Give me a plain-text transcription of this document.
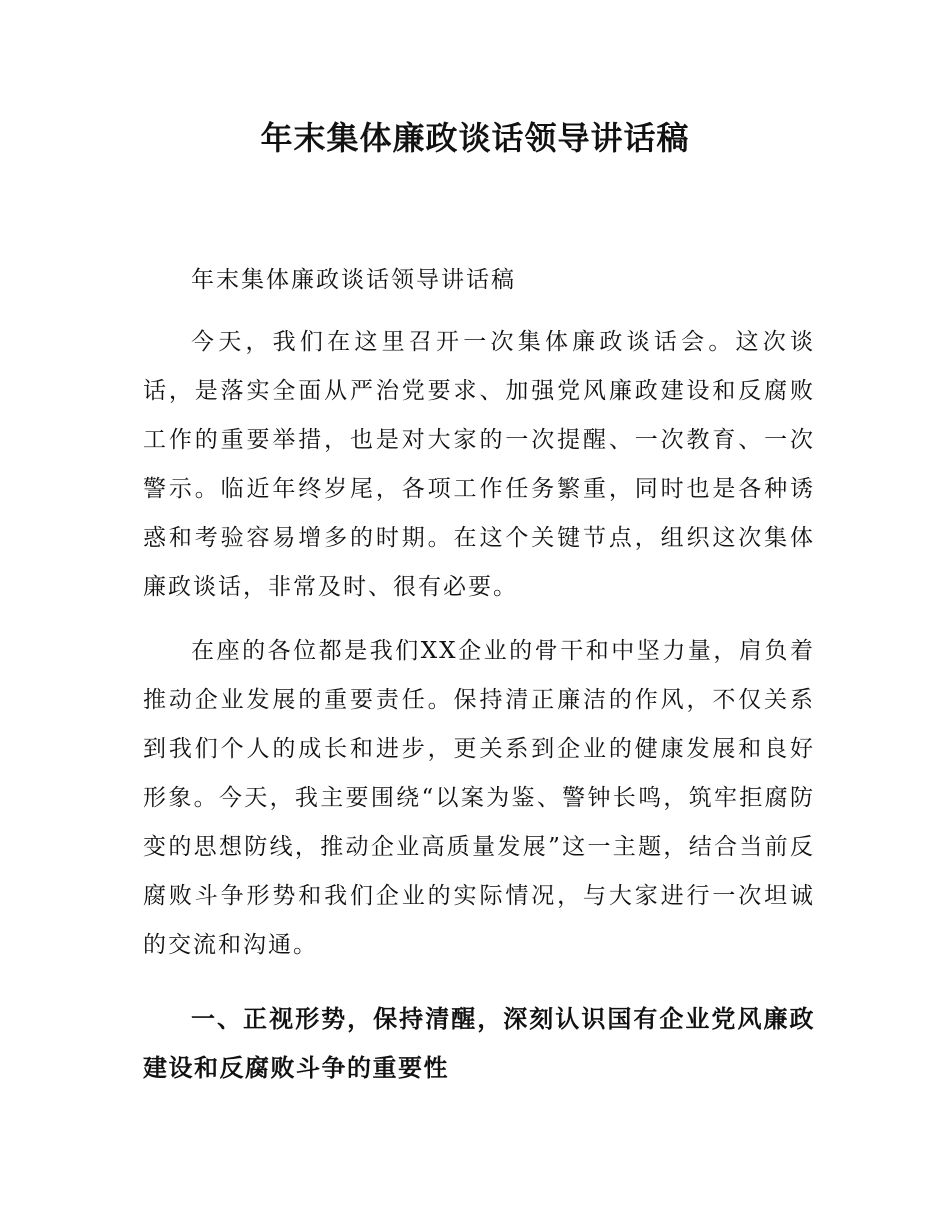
年末集体廉政谈话领导讲话稿

年末集体廉政谈话领导讲话稿

今天，我们在这里召开一次集体廉政谈话会。这次谈话，是落实全面从严治党要求、加强党风廉政建设和反腐败工作的重要举措，也是对大家的一次提醒、一次教育、一次警示。临近年终岁尾，各项工作任务繁重，同时也是各种诱惑和考验容易增多的时期。在这个关键节点，组织这次集体廉政谈话，非常及时、很有必要。

在座的各位都是我们XX企业的骨干和中坚力量，肩负着推动企业发展的重要责任。保持清正廉洁的作风，不仅关系到我们个人的成长和进步，更关系到企业的健康发展和良好形象。今天，我主要围绕“以案为鉴、警钟长鸣，筑牢拒腐防变的思想防线，推动企业高质量发展”这一主题，结合当前反腐败斗争形势和我们企业的实际情况，与大家进行一次坦诚的交流和沟通。

一、正视形势，保持清醒，深刻认识国有企业党风廉政建设和反腐败斗争的重要性
